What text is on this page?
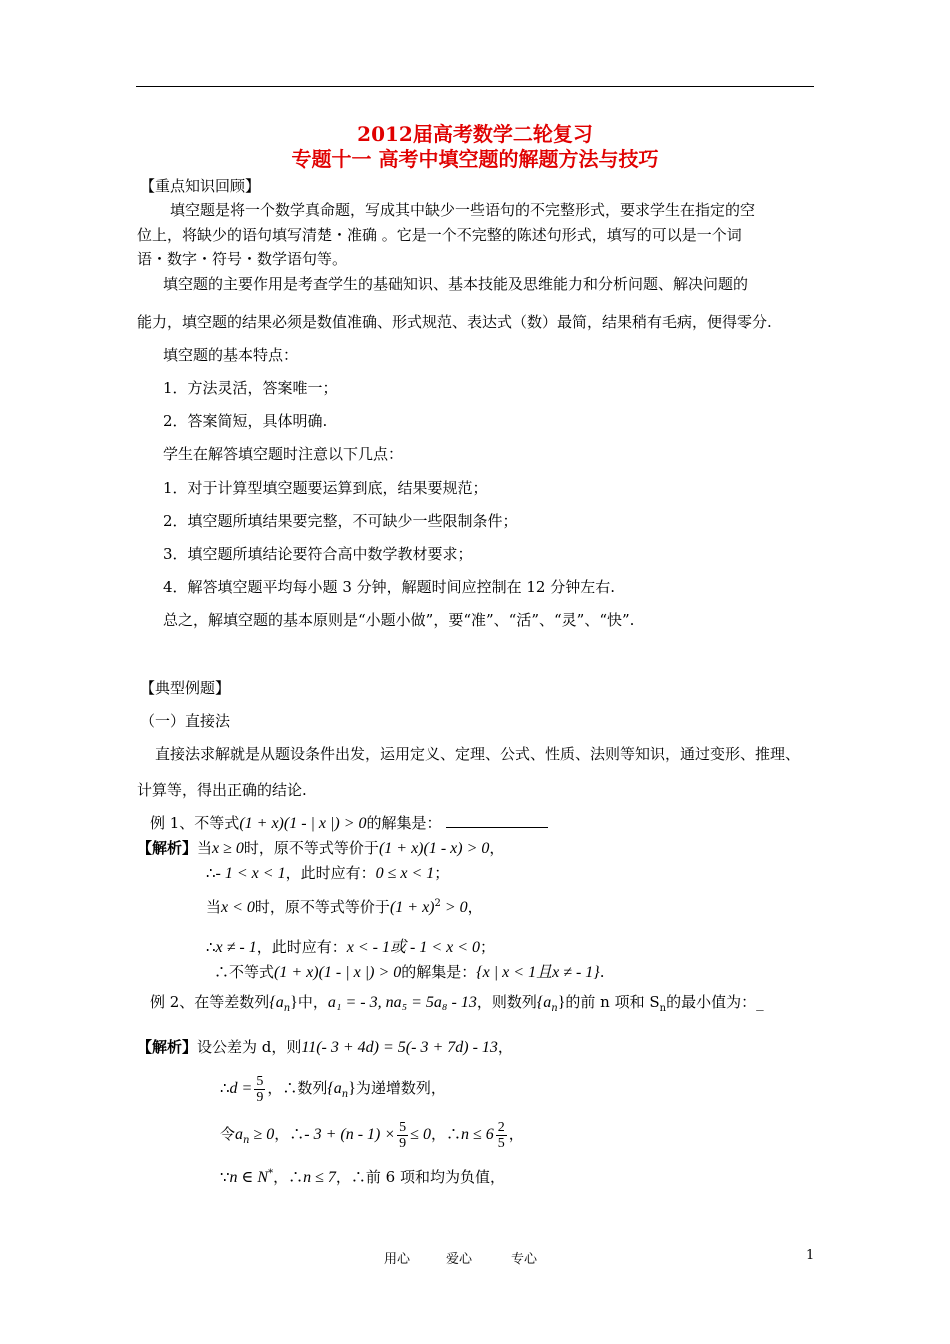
2012届高考数学二轮复习
专题十一 高考中填空题的解题方法与技巧
【重点知识回顾】
填空题是将一个数学真命题，写成其中缺少一些语句的不完整形式，要求学生在指定的空
位上，将缺少的语句填写清楚・准确 。它是一个不完整的陈述句形式，填写的可以是一个词
语・数字・符号・数学语句等。
填空题的主要作用是考查学生的基础知识、基本技能及思维能力和分析问题、解决问题的
能力，填空题的结果必须是数值准确、形式规范、表达式（数）最简，结果稍有毛病，便得零分.
填空题的基本特点：
1．方法灵活，答案唯一；
2．答案简短，具体明确.
学生在解答填空题时注意以下几点：
1．对于计算型填空题要运算到底，结果要规范；
2．填空题所填结果要完整，不可缺少一些限制条件；
3．填空题所填结论要符合高中数学教材要求；
4．解答填空题平均每小题 3 分钟，解题时间应控制在 12 分钟左右.
总之，解填空题的基本原则是“小题小做”，要“准”、“活”、“灵”、“快”.
【典型例题】
（一）直接法
直接法求解就是从题设条件出发，运用定义、定理、公式、性质、法则等知识，通过变形、推理、
计算等，得出正确的结论.
例 1、不等式(1 + x)(1 - | x |) > 0的解集是：
【解析】当x ≥ 0时，原不等式等价于(1 + x)(1 - x) > 0，
∴- 1 < x < 1，此时应有：0 ≤ x < 1；
当x < 0时，原不等式等价于$(1 + x)^2 > 0$，
∴x ≠ - 1，此时应有：x < - 1或 - 1 < x < 0；
∴不等式(1 + x)(1 - | x |) > 0的解集是：{x | x < 1且x ≠ - 1}.
例 2、在等差数列$\{a_n\}$中，a₁ = - 3, na₅ = 5a₈ - 13，则数列$\{a_n\}$的前 n 项和 $S_n$的最小值为：_
【解析】设公差为 d，则11(- 3 + 4d) = 5(- 3 + 7d) - 13，
∴d = $\frac{5}{9}$ ，∴数列$\{a_n\}$为递增数列，
令$a_n \ge 0$，∴- $3 + (n - 1) \times \frac{5}{9} \le 0$，∴n ≤ $6 \frac{2}{5}$ ，
∵n ∈ N*，∴n ≤ 7，∴前 6 项和均为负值，
用心	爱心	专心	1
